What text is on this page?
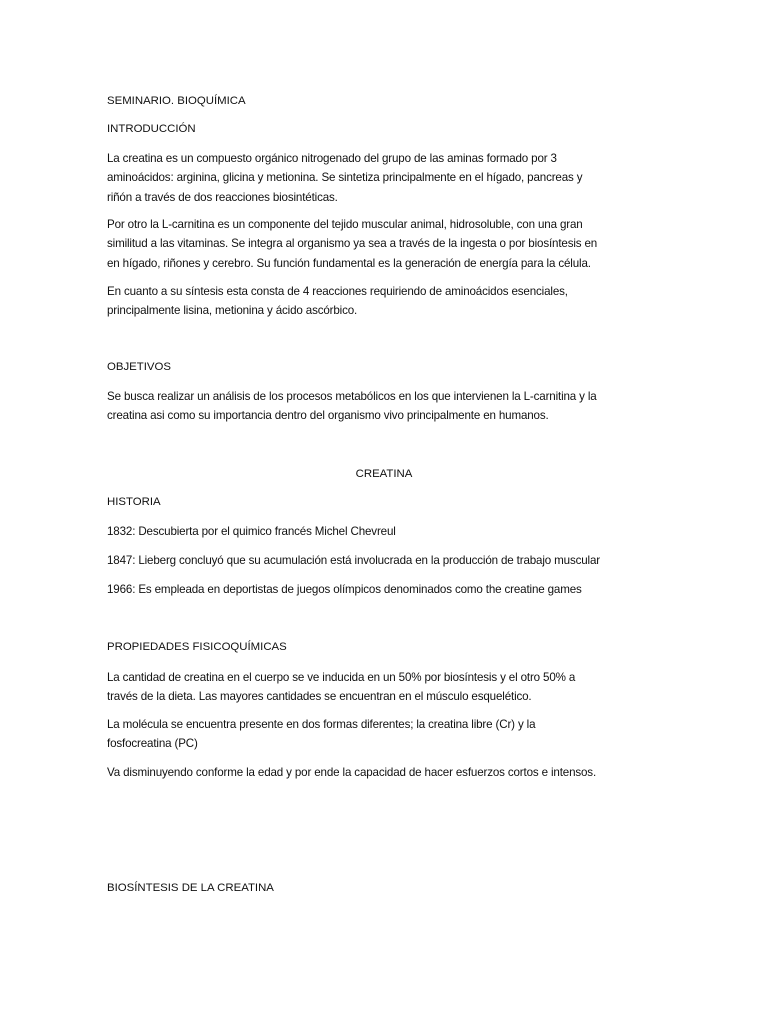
SEMINARIO. BIOQUÍMICA
INTRODUCCIÓN
La creatina es un compuesto orgánico nitrogenado del grupo de las aminas formado por 3
aminoácidos: arginina, glicina y metionina. Se sintetiza principalmente en el hígado, pancreas y
riñón a través de dos reacciones biosintéticas.
Por otro la L-carnitina es un componente del tejido muscular animal, hidrosoluble, con una gran
similitud a las vitaminas. Se integra al organismo ya sea a través de la ingesta o por biosíntesis en
en hígado, riñones y cerebro. Su función fundamental es la generación de energía para la célula.
En cuanto a su síntesis esta consta de 4 reacciones requiriendo de aminoácidos esenciales,
principalmente lisina, metionina y ácido ascórbico.
OBJETIVOS
Se busca realizar un análisis de los procesos metabólicos en los que intervienen la L-carnitina y la
creatina asi como su importancia dentro del organismo vivo principalmente en humanos.
CREATINA
HISTORIA
1832: Descubierta por el quimico francés Michel Chevreul
1847: Lieberg concluyó que su acumulación está involucrada en la producción de trabajo muscular
1966: Es empleada en deportistas de juegos olímpicos denominados como the creatine games
PROPIEDADES FISICOQUÍMICAS
La cantidad de creatina en el cuerpo se ve inducida en un 50% por biosíntesis y el otro 50% a
través de la dieta. Las mayores cantidades se encuentran en el músculo esquelético.
La molécula se encuentra presente en dos formas diferentes; la creatina libre (Cr) y la
fosfocreatina (PC)
Va disminuyendo conforme la edad y por ende la capacidad de hacer esfuerzos cortos e intensos.
BIOSÍNTESIS DE LA CREATINA
